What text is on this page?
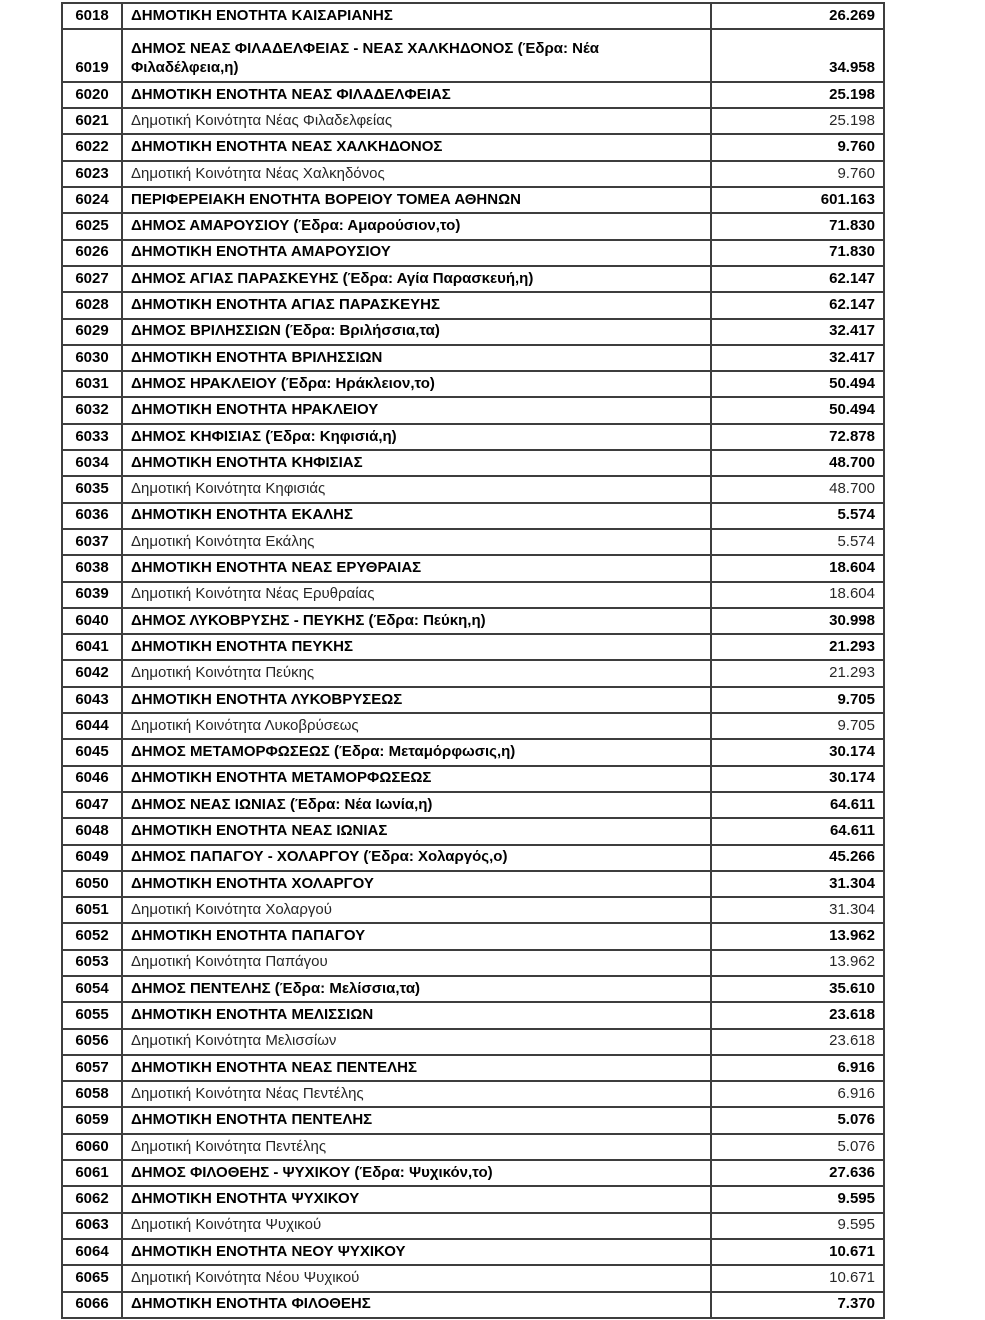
6018	ΔΗΜΟΤΙΚΗ ΕΝΟΤΗΤΑ ΚΑΙΣΑΡΙΑΝΗΣ	26.269
6019	ΔΗΜΟΣ ΝΕΑΣ ΦΙΛΑΔΕΛΦΕΙΑΣ - ΝΕΑΣ ΧΑΛΚΗΔΟΝΟΣ (Έδρα: Νέα Φιλαδέλφεια,η)	34.958
6020	ΔΗΜΟΤΙΚΗ ΕΝΟΤΗΤΑ ΝΕΑΣ ΦΙΛΑΔΕΛΦΕΙΑΣ	25.198
6021	Δημοτική Κοινότητα Νέας Φιλαδελφείας	25.198
6022	ΔΗΜΟΤΙΚΗ ΕΝΟΤΗΤΑ ΝΕΑΣ ΧΑΛΚΗΔΟΝΟΣ	9.760
6023	Δημοτική Κοινότητα Νέας Χαλκηδόνος	9.760
6024	ΠΕΡΙΦΕΡΕΙΑΚΗ ΕΝΟΤΗΤΑ ΒΟΡΕΙΟΥ ΤΟΜΕΑ ΑΘΗΝΩΝ	601.163
6025	ΔΗΜΟΣ ΑΜΑΡΟΥΣΙΟΥ (Έδρα: Αμαρούσιον,το)	71.830
6026	ΔΗΜΟΤΙΚΗ ΕΝΟΤΗΤΑ ΑΜΑΡΟΥΣΙΟΥ	71.830
6027	ΔΗΜΟΣ ΑΓΙΑΣ ΠΑΡΑΣΚΕΥΗΣ (Έδρα: Αγία Παρασκευή,η)	62.147
6028	ΔΗΜΟΤΙΚΗ ΕΝΟΤΗΤΑ ΑΓΙΑΣ ΠΑΡΑΣΚΕΥΗΣ	62.147
6029	ΔΗΜΟΣ ΒΡΙΛΗΣΣΙΩΝ (Έδρα: Βριλήσσια,τα)	32.417
6030	ΔΗΜΟΤΙΚΗ ΕΝΟΤΗΤΑ ΒΡΙΛΗΣΣΙΩΝ	32.417
6031	ΔΗΜΟΣ ΗΡΑΚΛΕΙΟΥ (Έδρα: Ηράκλειον,το)	50.494
6032	ΔΗΜΟΤΙΚΗ ΕΝΟΤΗΤΑ ΗΡΑΚΛΕΙΟΥ	50.494
6033	ΔΗΜΟΣ ΚΗΦΙΣΙΑΣ (Έδρα: Κηφισιά,η)	72.878
6034	ΔΗΜΟΤΙΚΗ ΕΝΟΤΗΤΑ ΚΗΦΙΣΙΑΣ	48.700
6035	Δημοτική Κοινότητα Κηφισιάς	48.700
6036	ΔΗΜΟΤΙΚΗ ΕΝΟΤΗΤΑ ΕΚΑΛΗΣ	5.574
6037	Δημοτική Κοινότητα Εκάλης	5.574
6038	ΔΗΜΟΤΙΚΗ ΕΝΟΤΗΤΑ ΝΕΑΣ ΕΡΥΘΡΑΙΑΣ	18.604
6039	Δημοτική Κοινότητα Νέας Ερυθραίας	18.604
6040	ΔΗΜΟΣ ΛΥΚΟΒΡΥΣΗΣ - ΠΕΥΚΗΣ (Έδρα: Πεύκη,η)	30.998
6041	ΔΗΜΟΤΙΚΗ ΕΝΟΤΗΤΑ ΠΕΥΚΗΣ	21.293
6042	Δημοτική Κοινότητα Πεύκης	21.293
6043	ΔΗΜΟΤΙΚΗ ΕΝΟΤΗΤΑ ΛΥΚΟΒΡΥΣΕΩΣ	9.705
6044	Δημοτική Κοινότητα Λυκοβρύσεως	9.705
6045	ΔΗΜΟΣ ΜΕΤΑΜΟΡΦΩΣΕΩΣ (Έδρα: Μεταμόρφωσις,η)	30.174
6046	ΔΗΜΟΤΙΚΗ ΕΝΟΤΗΤΑ ΜΕΤΑΜΟΡΦΩΣΕΩΣ	30.174
6047	ΔΗΜΟΣ ΝΕΑΣ ΙΩΝΙΑΣ (Έδρα: Νέα Ιωνία,η)	64.611
6048	ΔΗΜΟΤΙΚΗ ΕΝΟΤΗΤΑ ΝΕΑΣ ΙΩΝΙΑΣ	64.611
6049	ΔΗΜΟΣ ΠΑΠΑΓΟΥ - ΧΟΛΑΡΓΟΥ (Έδρα: Χολαργός,ο)	45.266
6050	ΔΗΜΟΤΙΚΗ ΕΝΟΤΗΤΑ ΧΟΛΑΡΓΟΥ	31.304
6051	Δημοτική Κοινότητα Χολαργού	31.304
6052	ΔΗΜΟΤΙΚΗ ΕΝΟΤΗΤΑ ΠΑΠΑΓΟΥ	13.962
6053	Δημοτική Κοινότητα Παπάγου	13.962
6054	ΔΗΜΟΣ ΠΕΝΤΕΛΗΣ (Έδρα: Μελίσσια,τα)	35.610
6055	ΔΗΜΟΤΙΚΗ ΕΝΟΤΗΤΑ ΜΕΛΙΣΣΙΩΝ	23.618
6056	Δημοτική Κοινότητα Μελισσίων	23.618
6057	ΔΗΜΟΤΙΚΗ ΕΝΟΤΗΤΑ ΝΕΑΣ ΠΕΝΤΕΛΗΣ	6.916
6058	Δημοτική Κοινότητα Νέας Πεντέλης	6.916
6059	ΔΗΜΟΤΙΚΗ ΕΝΟΤΗΤΑ ΠΕΝΤΕΛΗΣ	5.076
6060	Δημοτική Κοινότητα Πεντέλης	5.076
6061	ΔΗΜΟΣ ΦΙΛΟΘΕΗΣ - ΨΥΧΙΚΟΥ (Έδρα: Ψυχικόν,το)	27.636
6062	ΔΗΜΟΤΙΚΗ ΕΝΟΤΗΤΑ ΨΥΧΙΚΟΥ	9.595
6063	Δημοτική Κοινότητα Ψυχικού	9.595
6064	ΔΗΜΟΤΙΚΗ ΕΝΟΤΗΤΑ ΝΕΟΥ ΨΥΧΙΚΟΥ	10.671
6065	Δημοτική Κοινότητα Νέου Ψυχικού	10.671
6066	ΔΗΜΟΤΙΚΗ ΕΝΟΤΗΤΑ ΦΙΛΟΘΕΗΣ	7.370
